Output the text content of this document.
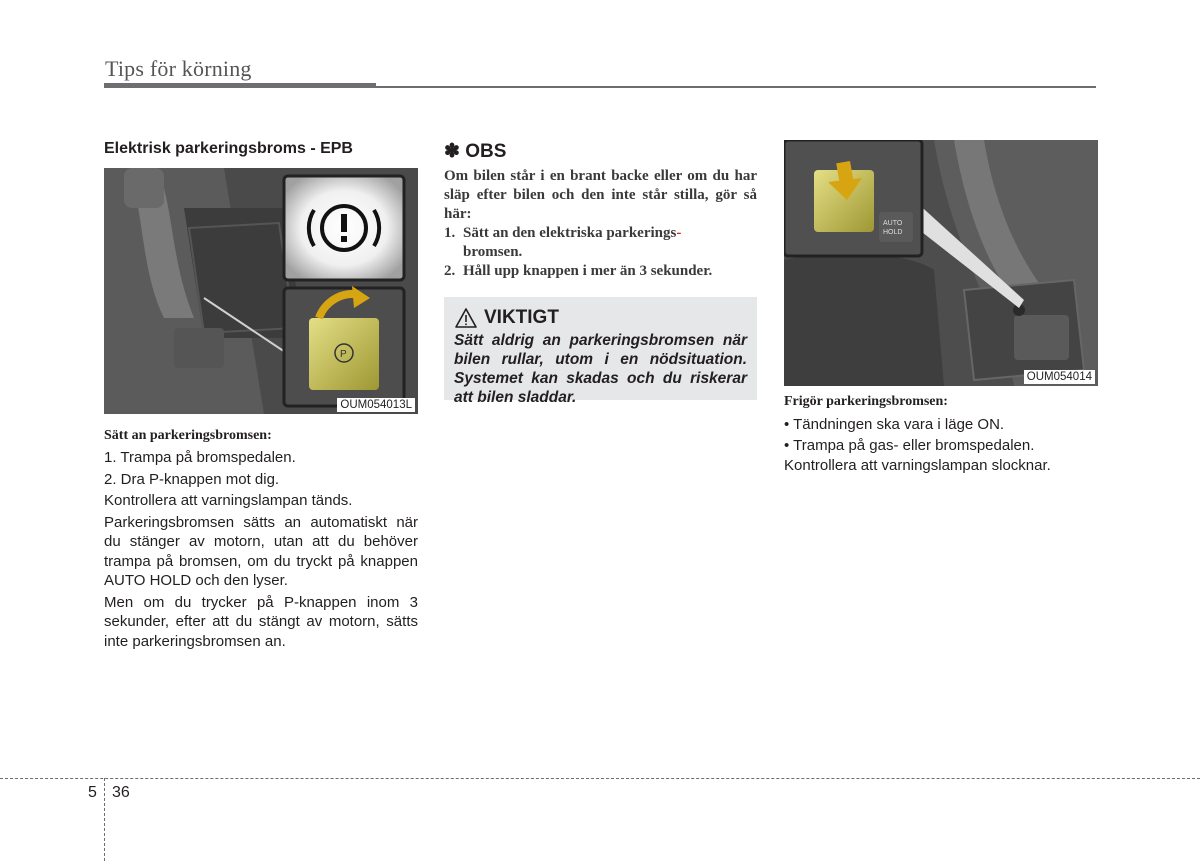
Tips för körning
Elektrisk parkeringsbroms - EPB
P
OUM054013L
Sätt an parkeringsbromsen:

1. Trampa på bromspedalen.

2. Dra P-knappen mot dig.

Kontrollera att varningslampan tänds.

Parkeringsbromsen sätts an automatiskt när du stänger av motorn, utan att du behöver trampa på bromsen, om du tryckt på knappen AUTO HOLD och den lyser.

Men om du trycker på P-knappen inom 3 sekunder, efter att du stängt av motorn, sätts inte parkeringsbromsen an.

✽ OBS

Om bilen står i en brant backe eller om du har släp efter bilen och den inte står stilla, gör så här:

1. Sätt an den elektriska parkerings-
bromsen.
2. Håll upp knappen i mer än 3 sekunder.
VIKTIGT

Sätt aldrig an parkeringsbromsen när bilen rullar, utom i en nödsituation. Systemet kan skadas och du riskerar att bilen sladdar.

AUTO
HOLD
OUM054014
Frigör parkeringsbromsen:
• Tändningen ska vara i läge ON.
• Trampa på gas- eller bromspedalen.

Kontrollera att varningslampan slocknar.

5 36
